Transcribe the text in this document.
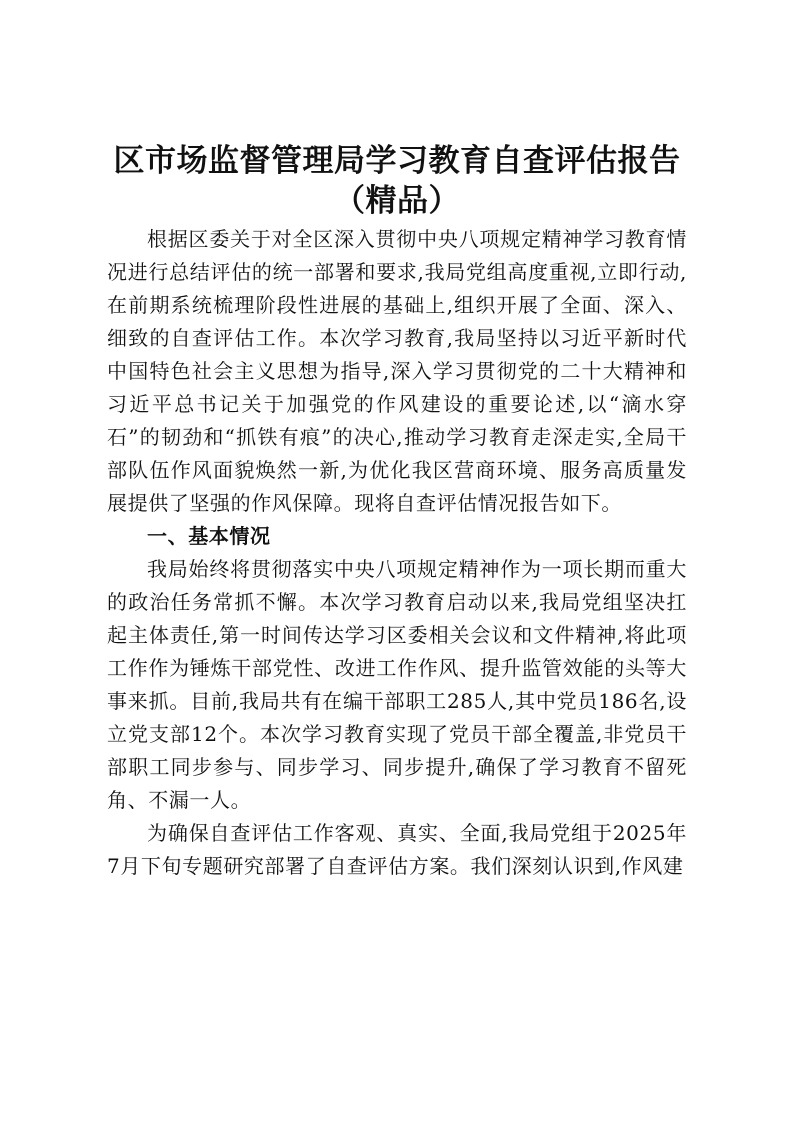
区市场监督管理局学习教育自查评估报告（精品）

根据区委关于对全区深入贯彻中央八项规定精神学习教育情况进行总结评估的统一部署和要求,我局党组高度重视,立即行动,在前期系统梳理阶段性进展的基础上,组织开展了全面、深入、细致的自查评估工作。本次学习教育,我局坚持以习近平新时代中国特色社会主义思想为指导,深入学习贯彻党的二十大精神和习近平总书记关于加强党的作风建设的重要论述,以“滴水穿石”的韧劲和“抓铁有痕”的决心,推动学习教育走深走实,全局干部队伍作风面貌焕然一新,为优化我区营商环境、服务高质量发展提供了坚强的作风保障。现将自查评估情况报告如下。

一、基本情况

我局始终将贯彻落实中央八项规定精神作为一项长期而重大的政治任务常抓不懈。本次学习教育启动以来,我局党组坚决扛起主体责任,第一时间传达学习区委相关会议和文件精神,将此项工作作为锤炼干部党性、改进工作作风、提升监管效能的头等大事来抓。目前,我局共有在编干部职工285人,其中党员186名,设立党支部12个。本次学习教育实现了党员干部全覆盖,非党员干部职工同步参与、同步学习、同步提升,确保了学习教育不留死角、不漏一人。

为确保自查评估工作客观、真实、全面,我局党组于2025年7月下旬专题研究部署了自查评估方案。我们深刻认识到,作风建
